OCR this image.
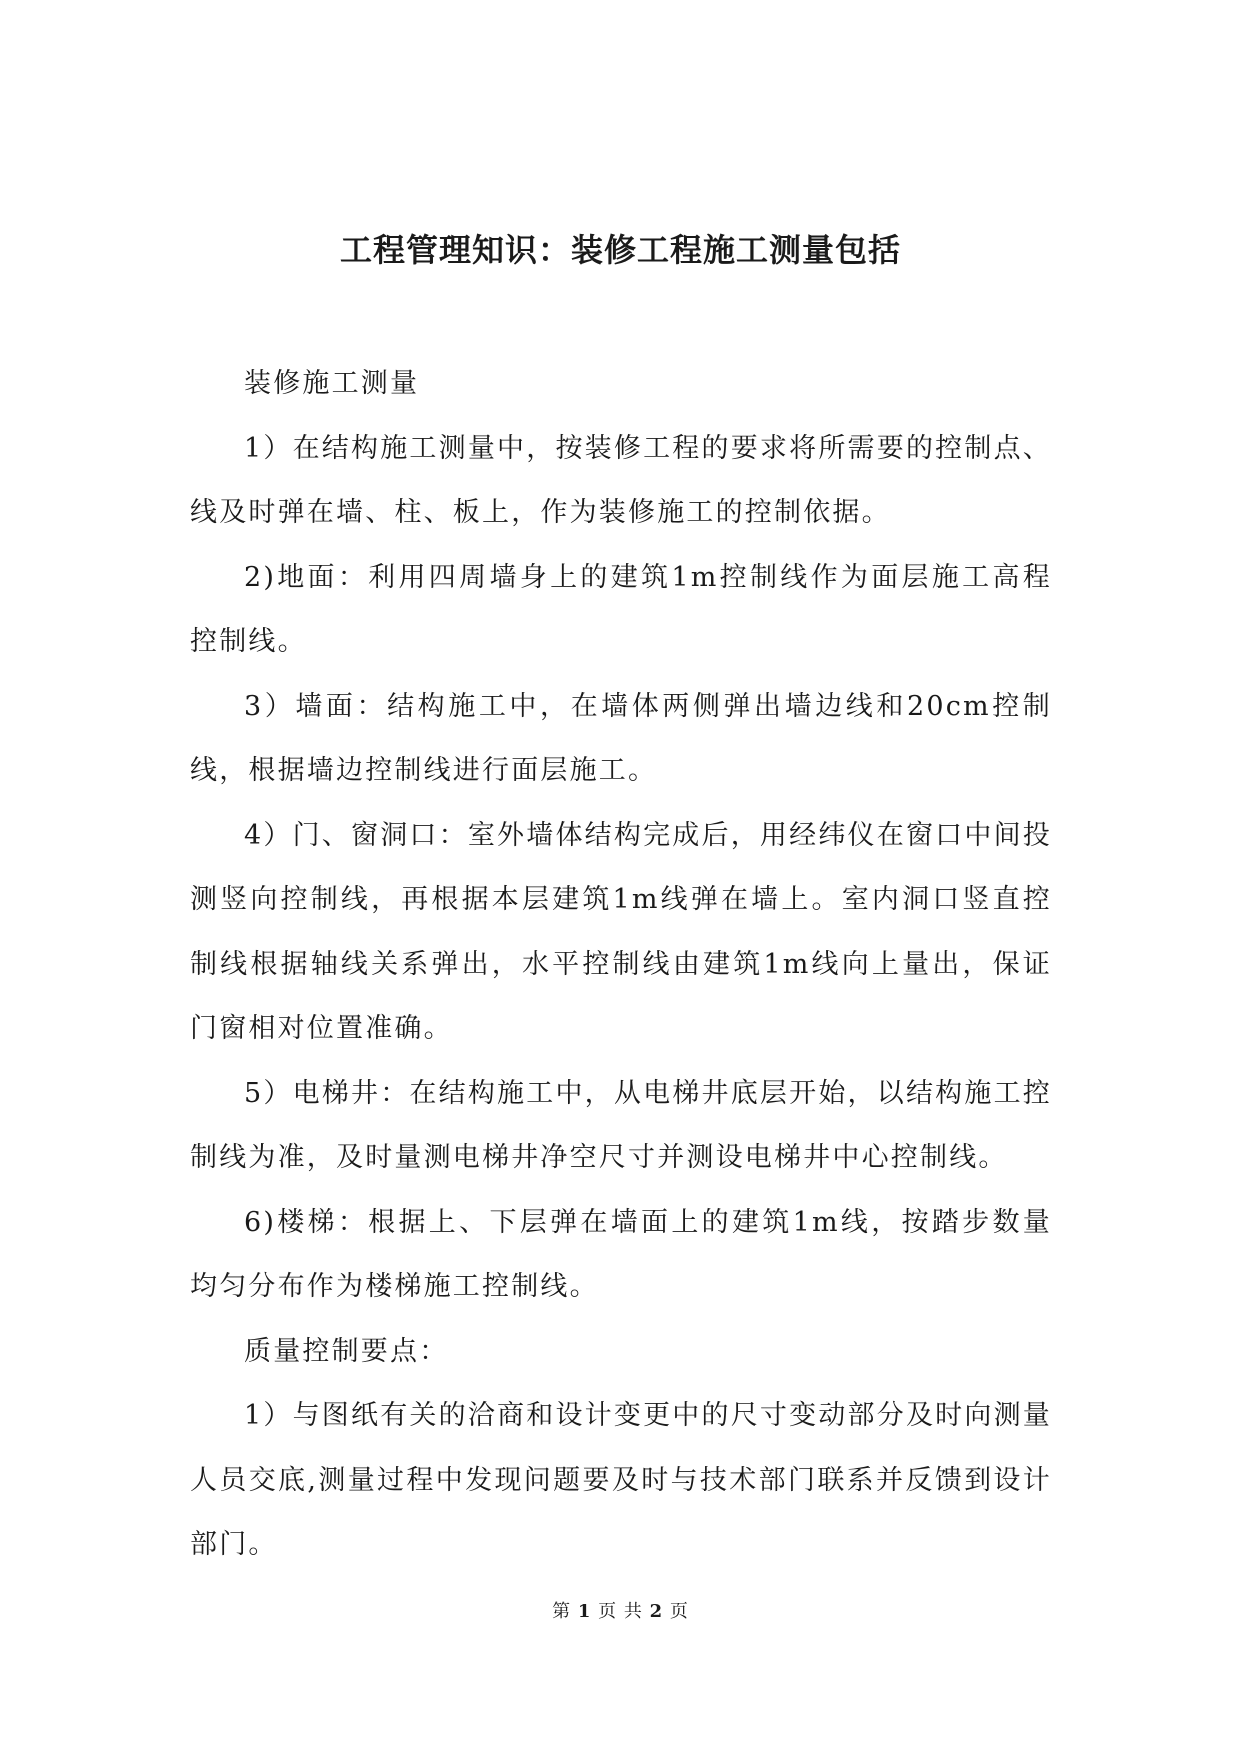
工程管理知识：装修工程施工测量包括

装修施工测量

1）在结构施工测量中，按装修工程的要求将所需要的控制点、线及时弹在墙、柱、板上，作为装修施工的控制依据。

2)地面：利用四周墙身上的建筑1m控制线作为面层施工高程控制线。

3）墙面：结构施工中，在墙体两侧弹出墙边线和20cm控制线，根据墙边控制线进行面层施工。

4）门、窗洞口：室外墙体结构完成后，用经纬仪在窗口中间投测竖向控制线，再根据本层建筑1m线弹在墙上。室内洞口竖直控制线根据轴线关系弹出，水平控制线由建筑1m线向上量出，保证门窗相对位置准确。

5）电梯井：在结构施工中，从电梯井底层开始，以结构施工控制线为准，及时量测电梯井净空尺寸并测设电梯井中心控制线。

6)楼梯：根据上、下层弹在墙面上的建筑1m线，按踏步数量均匀分布作为楼梯施工控制线。

质量控制要点：

1）与图纸有关的洽商和设计变更中的尺寸变动部分及时向测量人员交底,测量过程中发现问题要及时与技术部门联系并反馈到设计部门。

第 1 页 共 2 页
